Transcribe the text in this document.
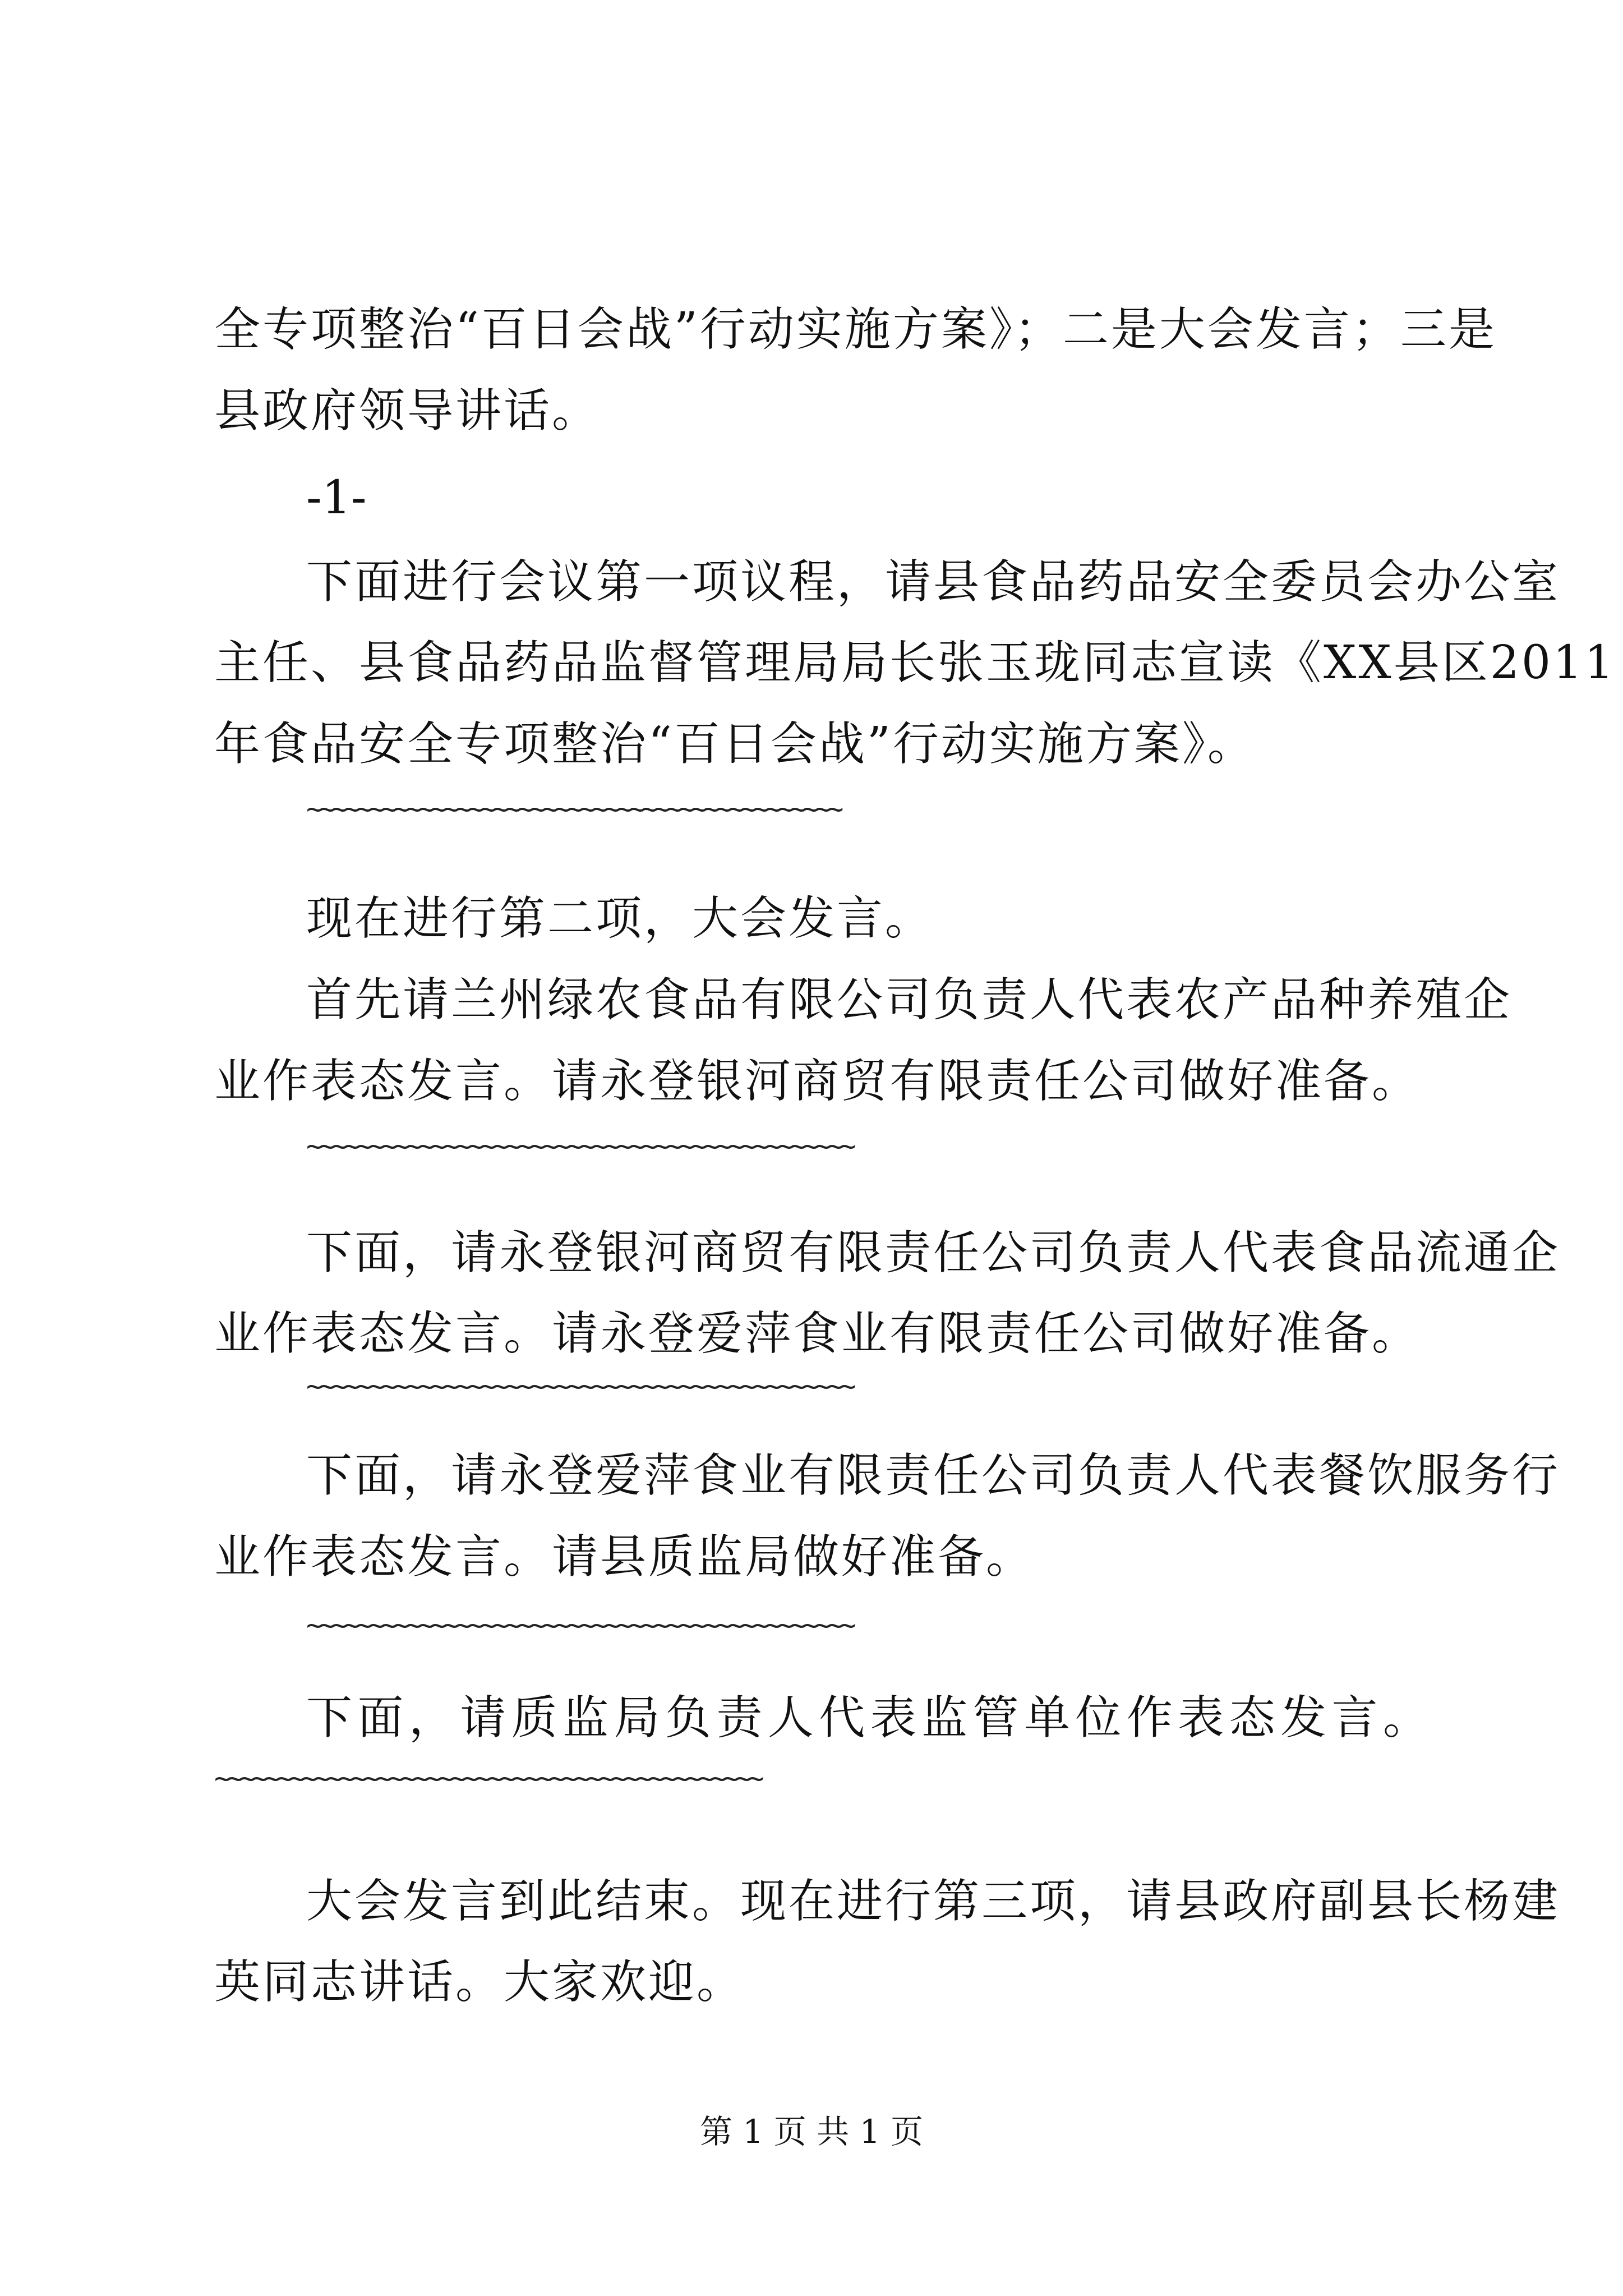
全专项整治“百日会战”行动实施方案》；二是大会发言；三是
县政府领导讲话。
-1-
下面进行会议第一项议程，请县食品药品安全委员会办公室
主任、县食品药品监督管理局局长张玉珑同志宣读《XX县区2011
年食品安全专项整治“百日会战”行动实施方案》。
~~~~~~~~~~~~~~~~~~~~~~~~~~~~~~~~~~~~~~~~~~~
现在进行第二项，大会发言。
首先请兰州绿农食品有限公司负责人代表农产品种养殖企
业作表态发言。请永登银河商贸有限责任公司做好准备。
~~~~~~~~~~~~~~~~~~~~~~~~~~~~~~~~~~~~~~~~~~~~
下面，请永登银河商贸有限责任公司负责人代表食品流通企
业作表态发言。请永登爱萍食业有限责任公司做好准备。
~~~~~~~~~~~~~~~~~~~~~~~~~~~~~~~~~~~~~~~~~~~~
下面，请永登爱萍食业有限责任公司负责人代表餐饮服务行
业作表态发言。请县质监局做好准备。
~~~~~~~~~~~~~~~~~~~~~~~~~~~~~~~~~~~~~~~~~~~~
下面，请质监局负责人代表监管单位作表态发言。
~~~~~~~~~~~~~~~~~~~~~~~~~~~~~~~~~~~~~~~~~~~~
大会发言到此结束。现在进行第三项，请县政府副县长杨建
英同志讲话。大家欢迎。
第 1 页 共 1 页
